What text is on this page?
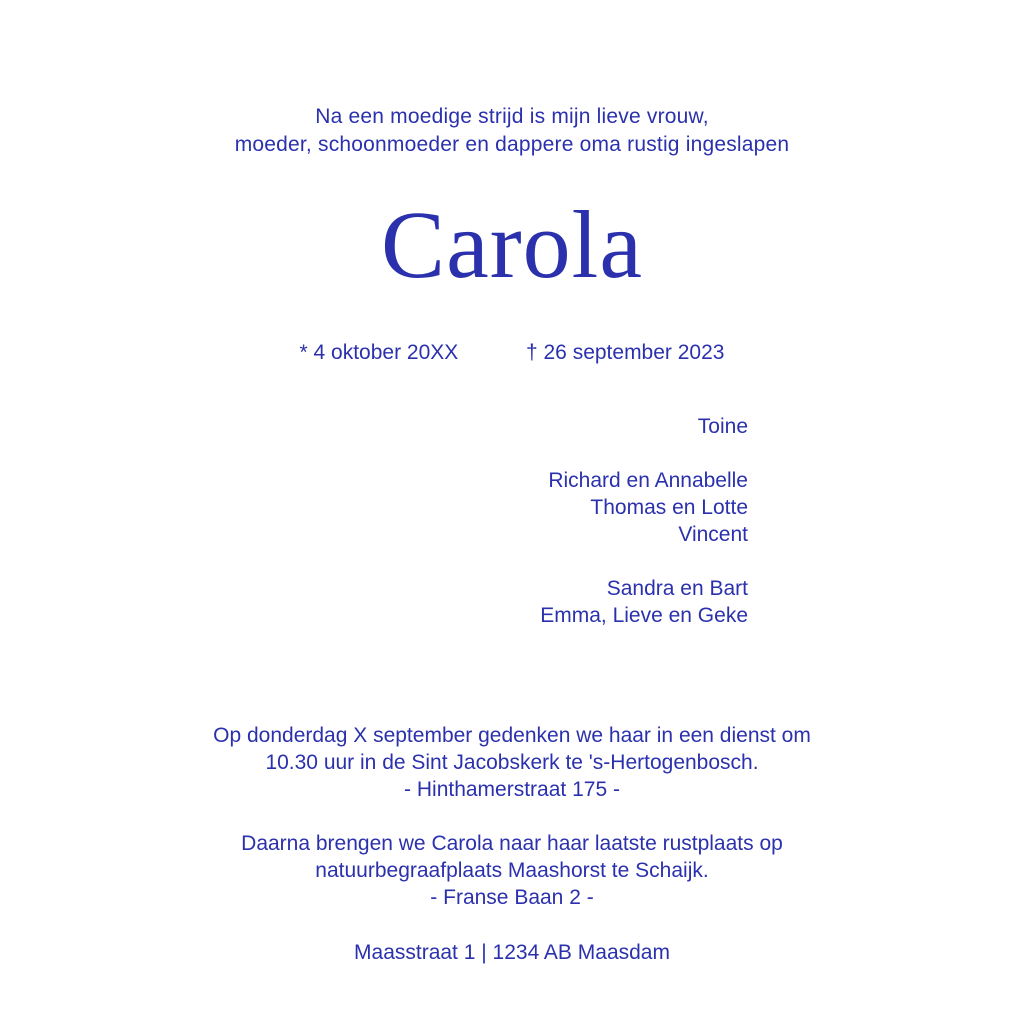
Na een moedige strijd is mijn lieve vrouw,
moeder, schoonmoeder en dappere oma rustig ingeslapen
Carola
* 4 oktober 20XX	† 26 september 2023
Toine
Richard en Annabelle
Thomas en Lotte
Vincent
Sandra en Bart
Emma, Lieve en Geke
Op donderdag X september gedenken we haar in een dienst om
10.30 uur in de Sint Jacobskerk te 's-Hertogenbosch.
- Hinthamerstraat 175 -
Daarna brengen we Carola naar haar laatste rustplaats op
natuurbegraafplaats Maashorst te Schaijk.
- Franse Baan 2 -
Maasstraat 1 | 1234 AB Maasdam
